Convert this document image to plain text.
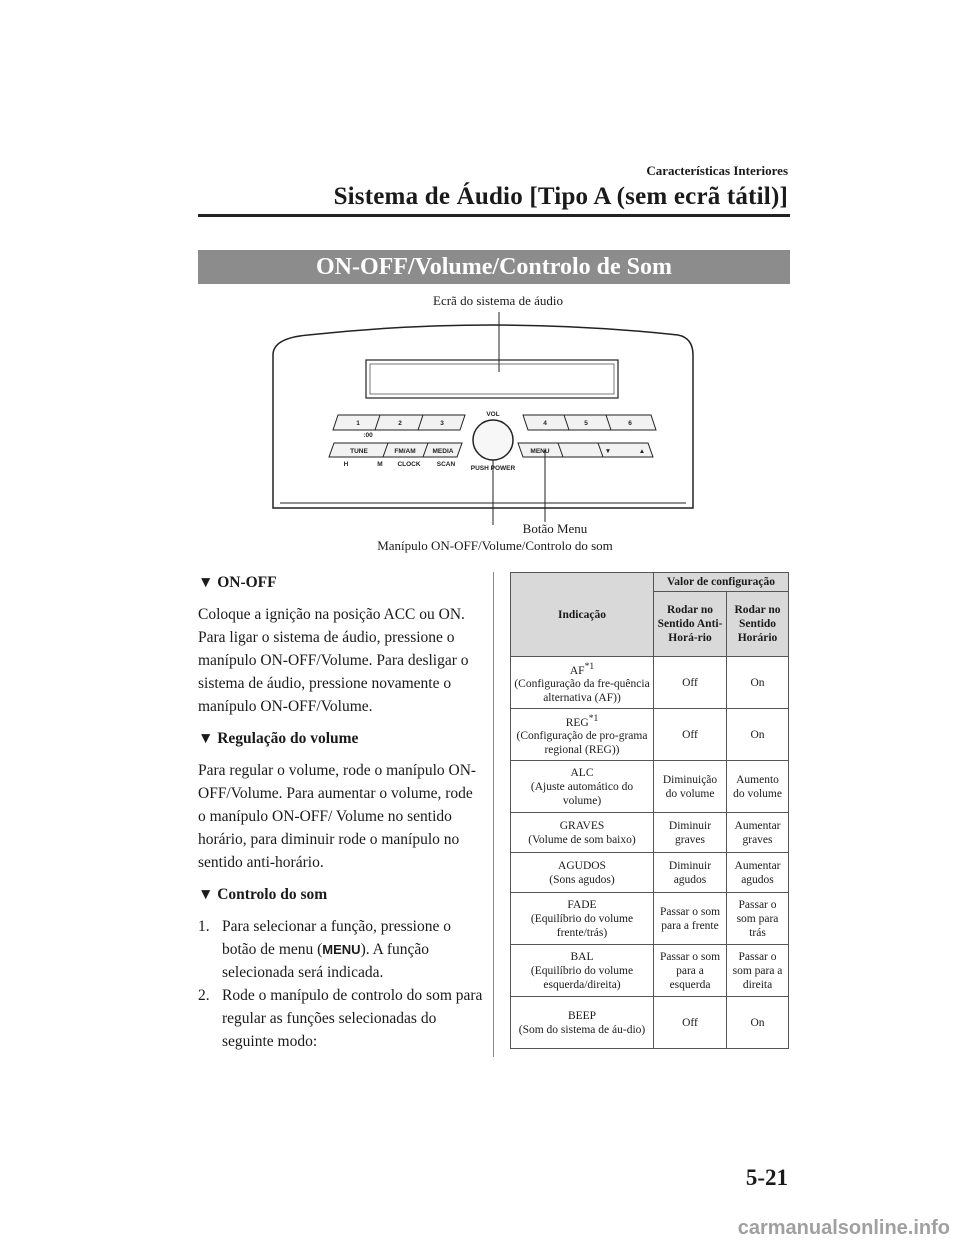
Características Interiores
Sistema de Áudio [Tipo A (sem ecrã tátil)]
ON-OFF/Volume/Controlo de Som
Ecrã do sistema de áudio
1	2	3	4	5	6
:00
TUNE	FM/AM	MEDIA
H	M CLOCK SCAN
VOL
PUSH POWER
MENU	▼	▲
Botão Menu
Manípulo ON-OFF/Volume/Controlo do som
▼ ON-OFF
Coloque a ignição na posição ACC ou ON. Para ligar o sistema de áudio, pressione o manípulo ON-OFF/Volume. Para desligar o sistema de áudio, pressione novamente o manípulo ON-OFF/Volume.
▼ Regulação do volume
Para regular o volume, rode o manípulo ON-OFF/Volume. Para aumentar o volume, rode o manípulo ON-OFF/ Volume no sentido horário, para diminuir rode o manípulo no sentido anti-horário.
▼ Controlo do som
1. Para selecionar a função, pressione o botão de menu (MENU). A função selecionada será indicada.
2. Rode o manípulo de controlo do som para regular as funções selecionadas do seguinte modo:
Indicação	Valor de configuração	
	Rodar no Sentido Anti-Horá-rio	Rodar no Sentido Horário
AF$^{*1}$
(Configuração da fre-quência alternativa (AF))	Off	On
REG$^{*1}$
(Configuração de pro-grama regional (REG))	Off	On
ALC
(Ajuste automático do volume)	Diminuição do volume	Aumento do volume
GRAVES
(Volume de som baixo)	Diminuir graves	Aumentar graves
AGUDOS
(Sons agudos)	Diminuir agudos	Aumentar agudos
FADE
(Equilíbrio do volume frente/trás)	Passar o som para a frente	Passar o som para trás
BAL
(Equilíbrio do volume esquerda/direita)	Passar o som para a esquerda	Passar o som para a direita
BEEP
(Som do sistema de áu-dio)	Off	On
5-21
carmanualsonline.info
